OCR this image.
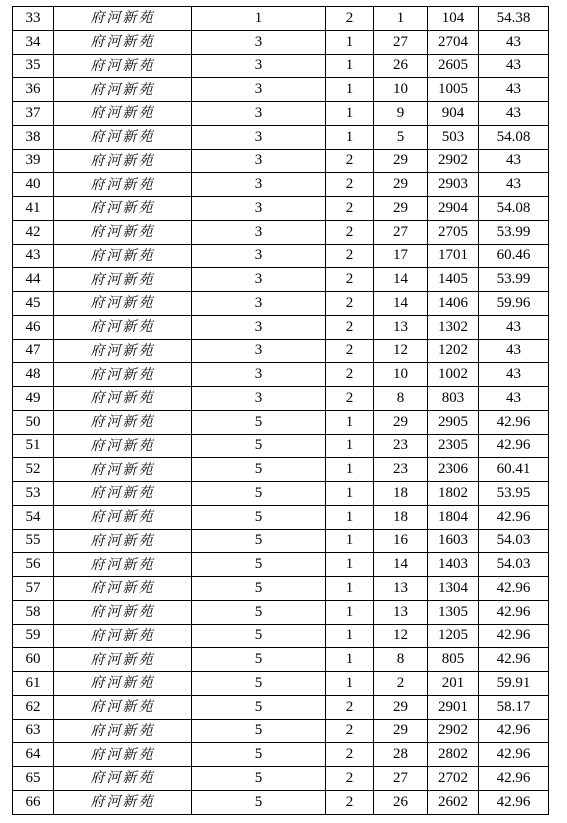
33	府河新苑	1	2	1	104	54.38
34	府河新苑	3	1	27	2704	43
35	府河新苑	3	1	26	2605	43
36	府河新苑	3	1	10	1005	43
37	府河新苑	3	1	9	904	43
38	府河新苑	3	1	5	503	54.08
39	府河新苑	3	2	29	2902	43
40	府河新苑	3	2	29	2903	43
41	府河新苑	3	2	29	2904	54.08
42	府河新苑	3	2	27	2705	53.99
43	府河新苑	3	2	17	1701	60.46
44	府河新苑	3	2	14	1405	53.99
45	府河新苑	3	2	14	1406	59.96
46	府河新苑	3	2	13	1302	43
47	府河新苑	3	2	12	1202	43
48	府河新苑	3	2	10	1002	43
49	府河新苑	3	2	8	803	43
50	府河新苑	5	1	29	2905	42.96
51	府河新苑	5	1	23	2305	42.96
52	府河新苑	5	1	23	2306	60.41
53	府河新苑	5	1	18	1802	53.95
54	府河新苑	5	1	18	1804	42.96
55	府河新苑	5	1	16	1603	54.03
56	府河新苑	5	1	14	1403	54.03
57	府河新苑	5	1	13	1304	42.96
58	府河新苑	5	1	13	1305	42.96
59	府河新苑	5	1	12	1205	42.96
60	府河新苑	5	1	8	805	42.96
61	府河新苑	5	1	2	201	59.91
62	府河新苑	5	2	29	2901	58.17
63	府河新苑	5	2	29	2902	42.96
64	府河新苑	5	2	28	2802	42.96
65	府河新苑	5	2	27	2702	42.96
66	府河新苑	5	2	26	2602	42.96
